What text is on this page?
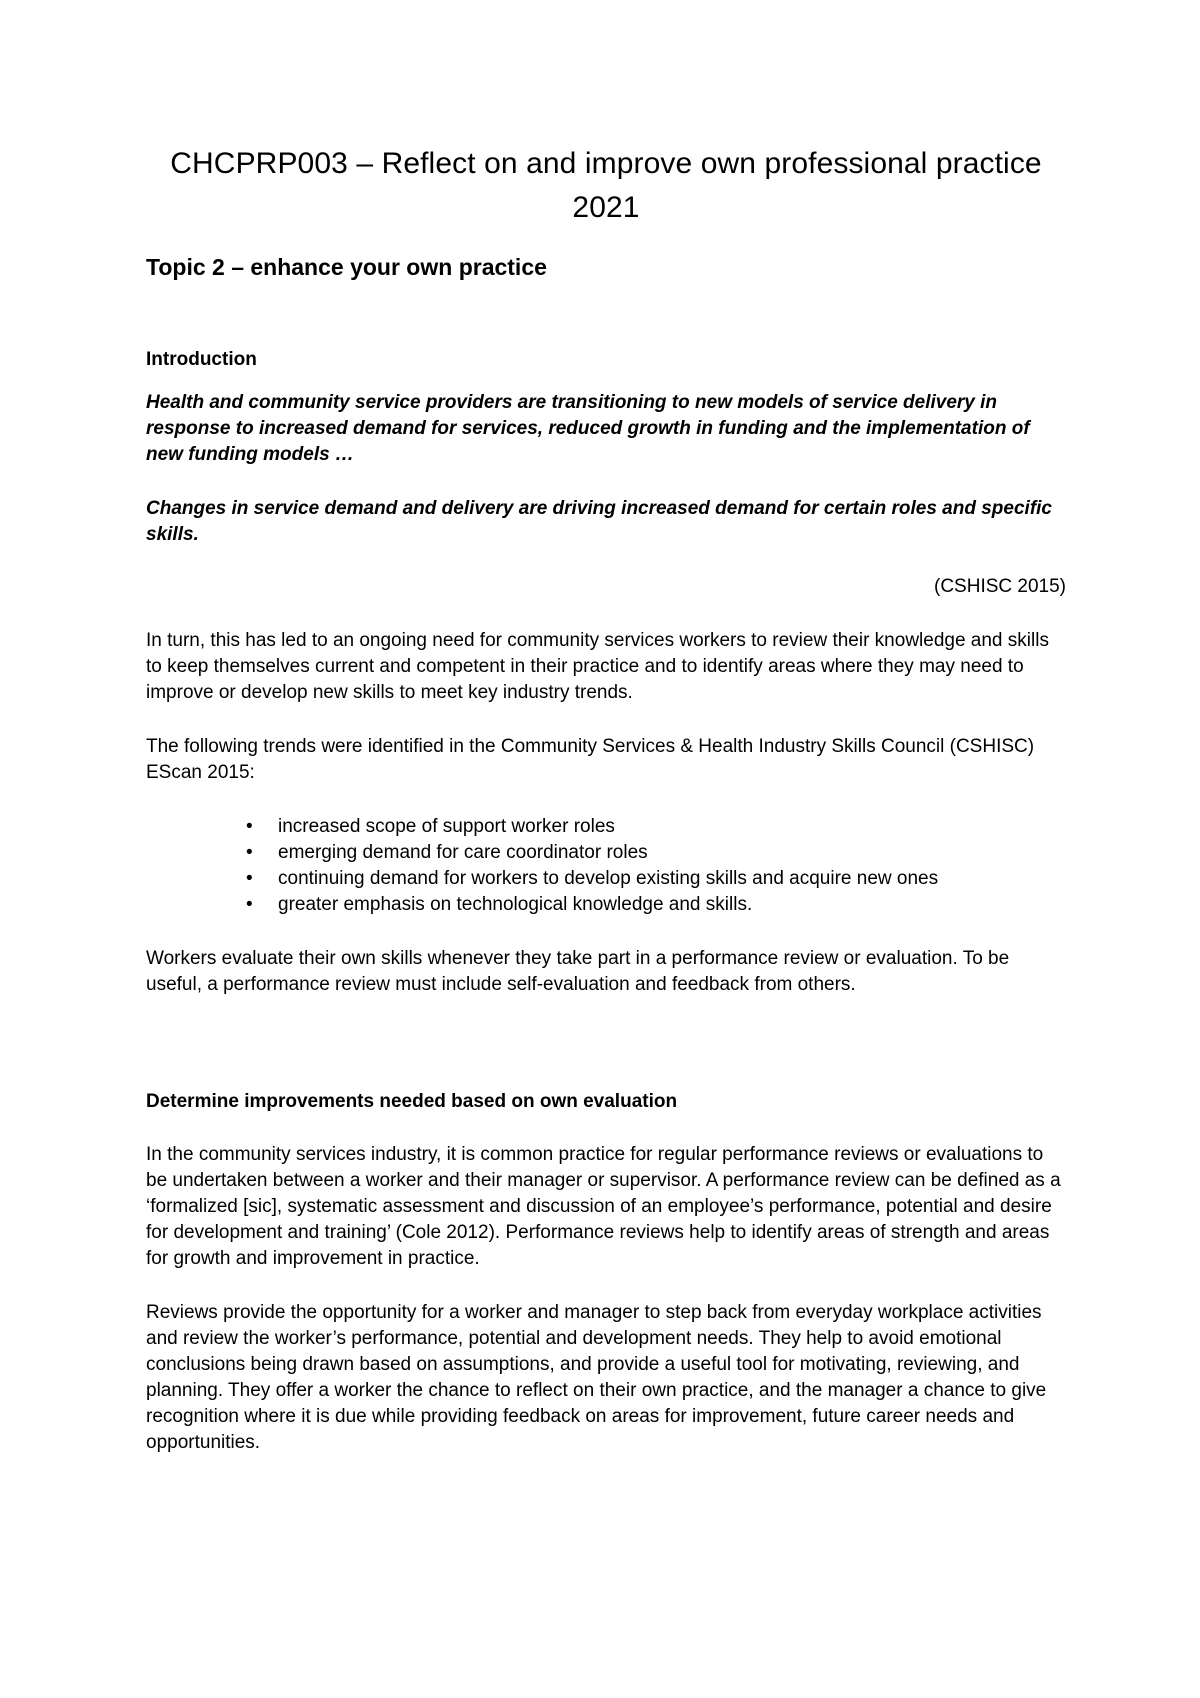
CHCPRP003 – Reflect on and improve own professional practice 2021
Topic 2 – enhance your own practice
Introduction

Health and community service providers are transitioning to new models of service delivery in response to increased demand for services, reduced growth in funding and the implementation of new funding models …

Changes in service demand and delivery are driving increased demand for certain roles and specific skills.

(CSHISC 2015)

In turn, this has led to an ongoing need for community services workers to review their knowledge and skills to keep themselves current and competent in their practice and to identify areas where they may need to improve or develop new skills to meet key industry trends.

The following trends were identified in the Community Services & Health Industry Skills Council (CSHISC) EScan 2015:

• increased scope of support worker roles
• emerging demand for care coordinator roles
• continuing demand for workers to develop existing skills and acquire new ones
• greater emphasis on technological knowledge and skills.

Workers evaluate their own skills whenever they take part in a performance review or evaluation. To be useful, a performance review must include self-evaluation and feedback from others.

Determine improvements needed based on own evaluation

In the community services industry, it is common practice for regular performance reviews or evaluations to be undertaken between a worker and their manager or supervisor. A performance review can be defined as a ‘formalized [sic], systematic assessment and discussion of an employee’s performance, potential and desire for development and training’ (Cole 2012). Performance reviews help to identify areas of strength and areas for growth and improvement in practice.

Reviews provide the opportunity for a worker and manager to step back from everyday workplace activities and review the worker’s performance, potential and development needs. They help to avoid emotional conclusions being drawn based on assumptions, and provide a useful tool for motivating, reviewing, and planning. They offer a worker the chance to reflect on their own practice, and the manager a chance to give recognition where it is due while providing feedback on areas for improvement, future career needs and opportunities.
